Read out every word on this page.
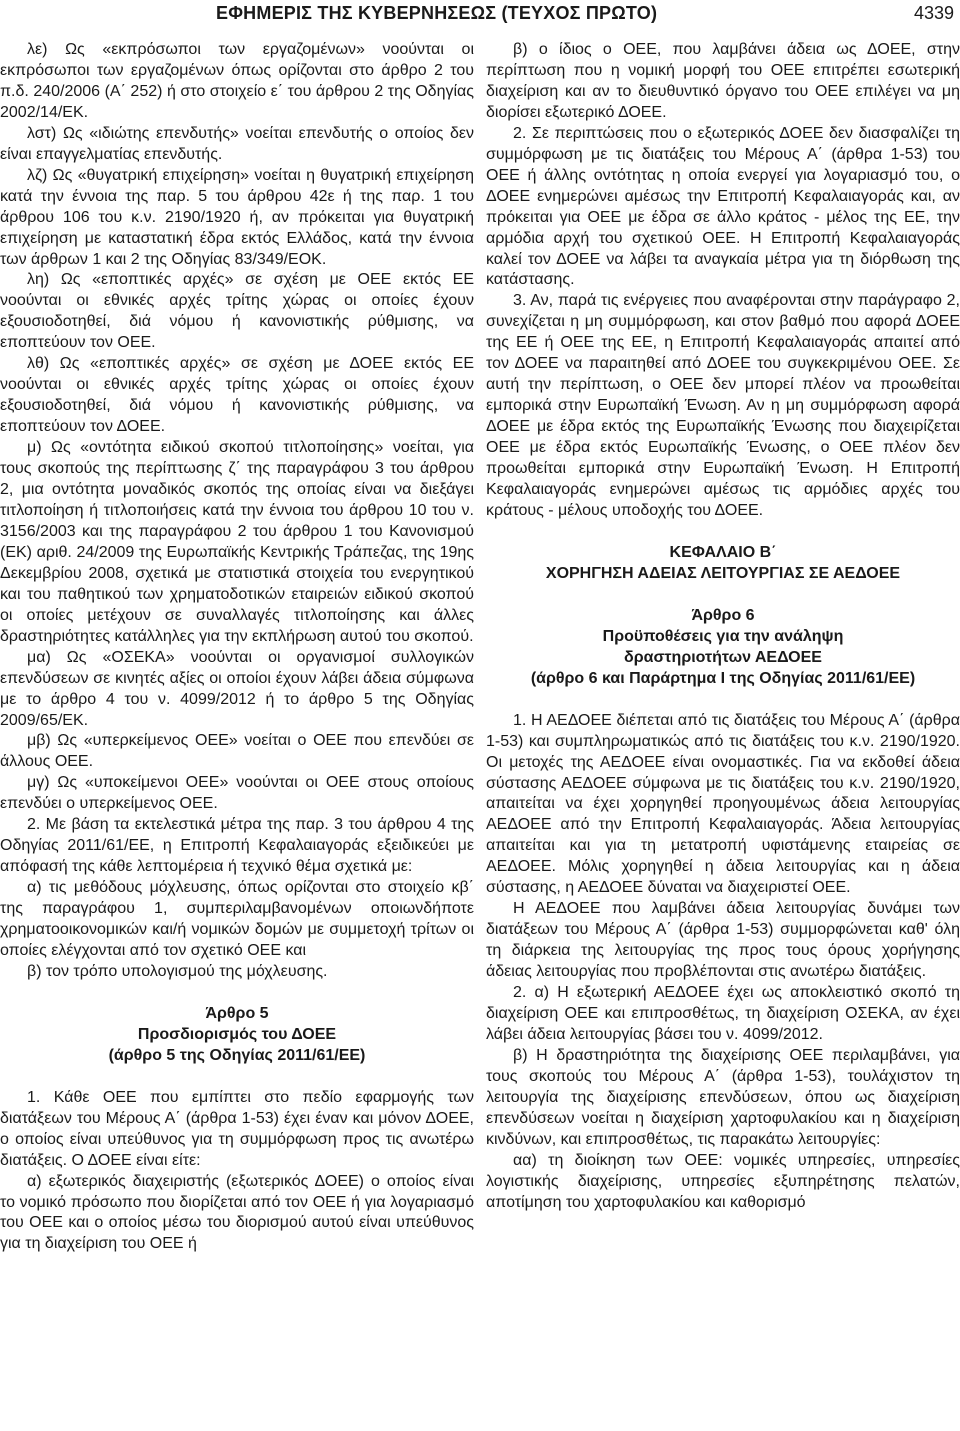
ΕΦΗΜΕΡΙΣ ΤΗΣ ΚΥΒΕΡΝΗΣΕΩΣ (ΤΕΥΧΟΣ ΠΡΩΤΟ)	4339

λε) Ως «εκπρόσωποι των εργαζομένων» νοούνται οι εκπρόσωποι των εργαζομένων όπως ορίζονται στο άρθρο 2 του π.δ. 240/2006 (Α΄ 252) ή στο στοιχείο ε΄ του άρθρου 2 της Οδηγίας 2002/14/ΕΚ.

λστ) Ως «ιδιώτης επενδυτής» νοείται επενδυτής ο οποίος δεν είναι επαγγελματίας επενδυτής.

λζ) Ως «θυγατρική επιχείρηση» νοείται η θυγατρική επιχείρηση κατά την έννοια της παρ. 5 του άρθρου 42ε ή της παρ. 1 του άρθρου 106 του κ.ν. 2190/1920 ή, αν πρόκειται για θυγατρική επιχείρηση με καταστατική έδρα εκτός Ελλάδος, κατά την έννοια των άρθρων 1 και 2 της Οδηγίας 83/349/ΕΟΚ.

λη) Ως «εποπτικές αρχές» σε σχέση με ΟΕΕ εκτός ΕΕ νοούνται οι εθνικές αρχές τρίτης χώρας οι οποίες έχουν εξουσιοδοτηθεί, διά νόμου ή κανονιστικής ρύθμισης, να εποπτεύουν τον ΟΕΕ.

λθ) Ως «εποπτικές αρχές» σε σχέση με ΔΟΕΕ εκτός ΕΕ νοούνται οι εθνικές αρχές τρίτης χώρας οι οποίες έχουν εξουσιοδοτηθεί, διά νόμου ή κανονιστικής ρύθμισης, να εποπτεύουν τον ΔΟΕΕ.

μ) Ως «οντότητα ειδικού σκοπού τιτλοποίησης» νοείται, για τους σκοπούς της περίπτωσης ζ΄ της παραγράφου 3 του άρθρου 2, μια οντότητα μοναδικός σκοπός της οποίας είναι να διεξάγει τιτλοποίηση ή τιτλοποιήσεις κατά την έννοια του άρθρου 10 του ν. 3156/2003 και της παραγράφου 2 του άρθρου 1 του Κανονισμού (ΕΚ) αριθ. 24/2009 της Ευρωπαϊκής Κεντρικής Τράπεζας, της 19ης Δεκεμβρίου 2008, σχετικά με στατιστικά στοιχεία του ενεργητικού και του παθητικού των χρηματοδοτικών εταιρειών ειδικού σκοπού οι οποίες μετέχουν σε συναλλαγές τιτλοποίησης και άλλες δραστηριότητες κατάλληλες για την εκπλήρωση αυτού του σκοπού.

μα) Ως «ΟΣΕΚΑ» νοούνται οι οργανισμοί συλλογικών επενδύσεων σε κινητές αξίες οι οποίοι έχουν λάβει άδεια σύμφωνα με το άρθρο 4 του ν. 4099/2012 ή το άρθρο 5 της Οδηγίας 2009/65/ΕΚ.

μβ) Ως «υπερκείμενος ΟΕΕ» νοείται ο ΟΕΕ που επενδύει σε άλλους ΟΕΕ.

μγ) Ως «υποκείμενοι ΟΕΕ» νοούνται οι ΟΕΕ στους οποίους επενδύει ο υπερκείμενος ΟΕΕ.

2. Με βάση τα εκτελεστικά μέτρα της παρ. 3 του άρθρου 4 της Οδηγίας 2011/61/ΕΕ, η Επιτροπή Κεφαλαιαγοράς εξειδικεύει με απόφασή της κάθε λεπτομέρεια ή τεχνικό θέμα σχετικά με:

α) τις μεθόδους μόχλευσης, όπως ορίζονται στο στοιχείο κβ΄ της παραγράφου 1, συμπεριλαμβανομένων οποιωνδήποτε χρηματοοικονομικών και/ή νομικών δομών με συμμετοχή τρίτων οι οποίες ελέγχονται από τον σχετικό ΟΕΕ και

β) τον τρόπο υπολογισμού της μόχλευσης.

Άρθρο 5

Προσδιορισμός του ΔΟΕΕ

(άρθρο 5 της Οδηγίας 2011/61/ΕΕ)

1. Κάθε ΟΕΕ που εμπίπτει στο πεδίο εφαρμογής των διατάξεων του Μέρους Α΄ (άρθρα 1-53) έχει έναν και μόνον ΔΟΕΕ, ο οποίος είναι υπεύθυνος για τη συμμόρφωση προς τις ανωτέρω διατάξεις. Ο ΔΟΕΕ είναι είτε:

α) εξωτερικός διαχειριστής (εξωτερικός ΔΟΕΕ) ο οποίος είναι το νομικό πρόσωπο που διορίζεται από τον ΟΕΕ ή για λογαριασμό του ΟΕΕ και ο οποίος μέσω του διορισμού αυτού είναι υπεύθυνος για τη διαχείριση του ΟΕΕ ή

β) ο ίδιος ο ΟΕΕ, που λαμβάνει άδεια ως ΔΟΕΕ, στην περίπτωση που η νομική μορφή του ΟΕΕ επιτρέπει εσωτερική διαχείριση και αν το διευθυντικό όργανο του ΟΕΕ επιλέγει να μη διορίσει εξωτερικό ΔΟΕΕ.

2. Σε περιπτώσεις που ο εξωτερικός ΔΟΕΕ δεν διασφαλίζει τη συμμόρφωση με τις διατάξεις του Μέρους Α΄ (άρθρα 1-53) του ΟΕΕ ή άλλης οντότητας η οποία ενεργεί για λογαριασμό του, ο ΔΟΕΕ ενημερώνει αμέσως την Επιτροπή Κεφαλαιαγοράς και, αν πρόκειται για ΟΕΕ με έδρα σε άλλο κράτος - μέλος της ΕΕ, την αρμόδια αρχή του σχετικού ΟΕΕ. Η Επιτροπή Κεφαλαιαγοράς καλεί τον ΔΟΕΕ να λάβει τα αναγκαία μέτρα για τη διόρθωση της κατάστασης.

3. Αν, παρά τις ενέργειες που αναφέρονται στην παράγραφο 2, συνεχίζεται η μη συμμόρφωση, και στον βαθμό που αφορά ΔΟΕΕ της ΕΕ ή ΟΕΕ της ΕΕ, η Επιτροπή Κεφαλαιαγοράς απαιτεί από τον ΔΟΕΕ να παραιτηθεί από ΔΟΕΕ του συγκεκριμένου ΟΕΕ. Σε αυτή την περίπτωση, ο ΟΕΕ δεν μπορεί πλέον να προωθείται εμπορικά στην Ευρωπαϊκή Ένωση. Αν η μη συμμόρφωση αφορά ΔΟΕΕ με έδρα εκτός της Ευρωπαϊκής Ένωσης που διαχειρίζεται ΟΕΕ με έδρα εκτός Ευρωπαϊκής Ένωσης, ο ΟΕΕ πλέον δεν προωθείται εμπορικά στην Ευρωπαϊκή Ένωση. Η Επιτροπή Κεφαλαιαγοράς ενημερώνει αμέσως τις αρμόδιες αρχές του κράτους - μέλους υποδοχής του ΔΟΕΕ.

ΚΕΦΑΛΑΙΟ Β΄

ΧΟΡΗΓΗΣΗ ΑΔΕΙΑΣ ΛΕΙΤΟΥΡΓΙΑΣ ΣΕ ΑΕΔΟΕΕ

Άρθρο 6

Προϋποθέσεις για την ανάληψη

δραστηριοτήτων ΑΕΔΟΕΕ

(άρθρο 6 και Παράρτημα Ι της Οδηγίας 2011/61/ΕΕ)

1. Η ΑΕΔΟΕΕ διέπεται από τις διατάξεις του Μέρους Α΄ (άρθρα 1-53) και συμπληρωματικώς από τις διατάξεις του κ.ν. 2190/1920. Οι μετοχές της ΑΕΔΟΕΕ είναι ονομαστικές. Για να εκδοθεί άδεια σύστασης ΑΕΔΟΕΕ σύμφωνα με τις διατάξεις του κ.ν. 2190/1920, απαιτείται να έχει χορηγηθεί προηγουμένως άδεια λειτουργίας ΑΕΔΟΕΕ από την Επιτροπή Κεφαλαιαγοράς. Άδεια λειτουργίας απαιτείται και για τη μετατροπή υφιστάμενης εταιρείας σε ΑΕΔΟΕΕ. Μόλις χορηγηθεί η άδεια λειτουργίας και η άδεια σύστασης, η ΑΕΔΟΕΕ δύναται να διαχειριστεί ΟΕΕ.

Η ΑΕΔΟΕΕ που λαμβάνει άδεια λειτουργίας δυνάμει των διατάξεων του Μέρους Α΄ (άρθρα 1-53) συμμορφώνεται καθ' όλη τη διάρκεια της λειτουργίας της προς τους όρους χορήγησης άδειας λειτουργίας που προβλέπονται στις ανωτέρω διατάξεις.

2. α) Η εξωτερική ΑΕΔΟΕΕ έχει ως αποκλειστικό σκοπό τη διαχείριση ΟΕΕ και επιπροσθέτως, τη διαχείριση ΟΣΕΚΑ, αν έχει λάβει άδεια λειτουργίας βάσει του ν. 4099/2012.

β) Η δραστηριότητα της διαχείρισης ΟΕΕ περιλαμβάνει, για τους σκοπούς του Μέρους Α΄ (άρθρα 1-53), τουλάχιστον τη λειτουργία της διαχείρισης επενδύσεων, όπου ως διαχείριση επενδύσεων νοείται η διαχείριση χαρτοφυλακίου και η διαχείριση κινδύνων, και επιπροσθέτως, τις παρακάτω λειτουργίες:

αα) τη διοίκηση των ΟΕΕ: νομικές υπηρεσίες, υπηρεσίες λογιστικής διαχείρισης, υπηρεσίες εξυπηρέτησης πελατών, αποτίμηση του χαρτοφυλακίου και καθορισμό
